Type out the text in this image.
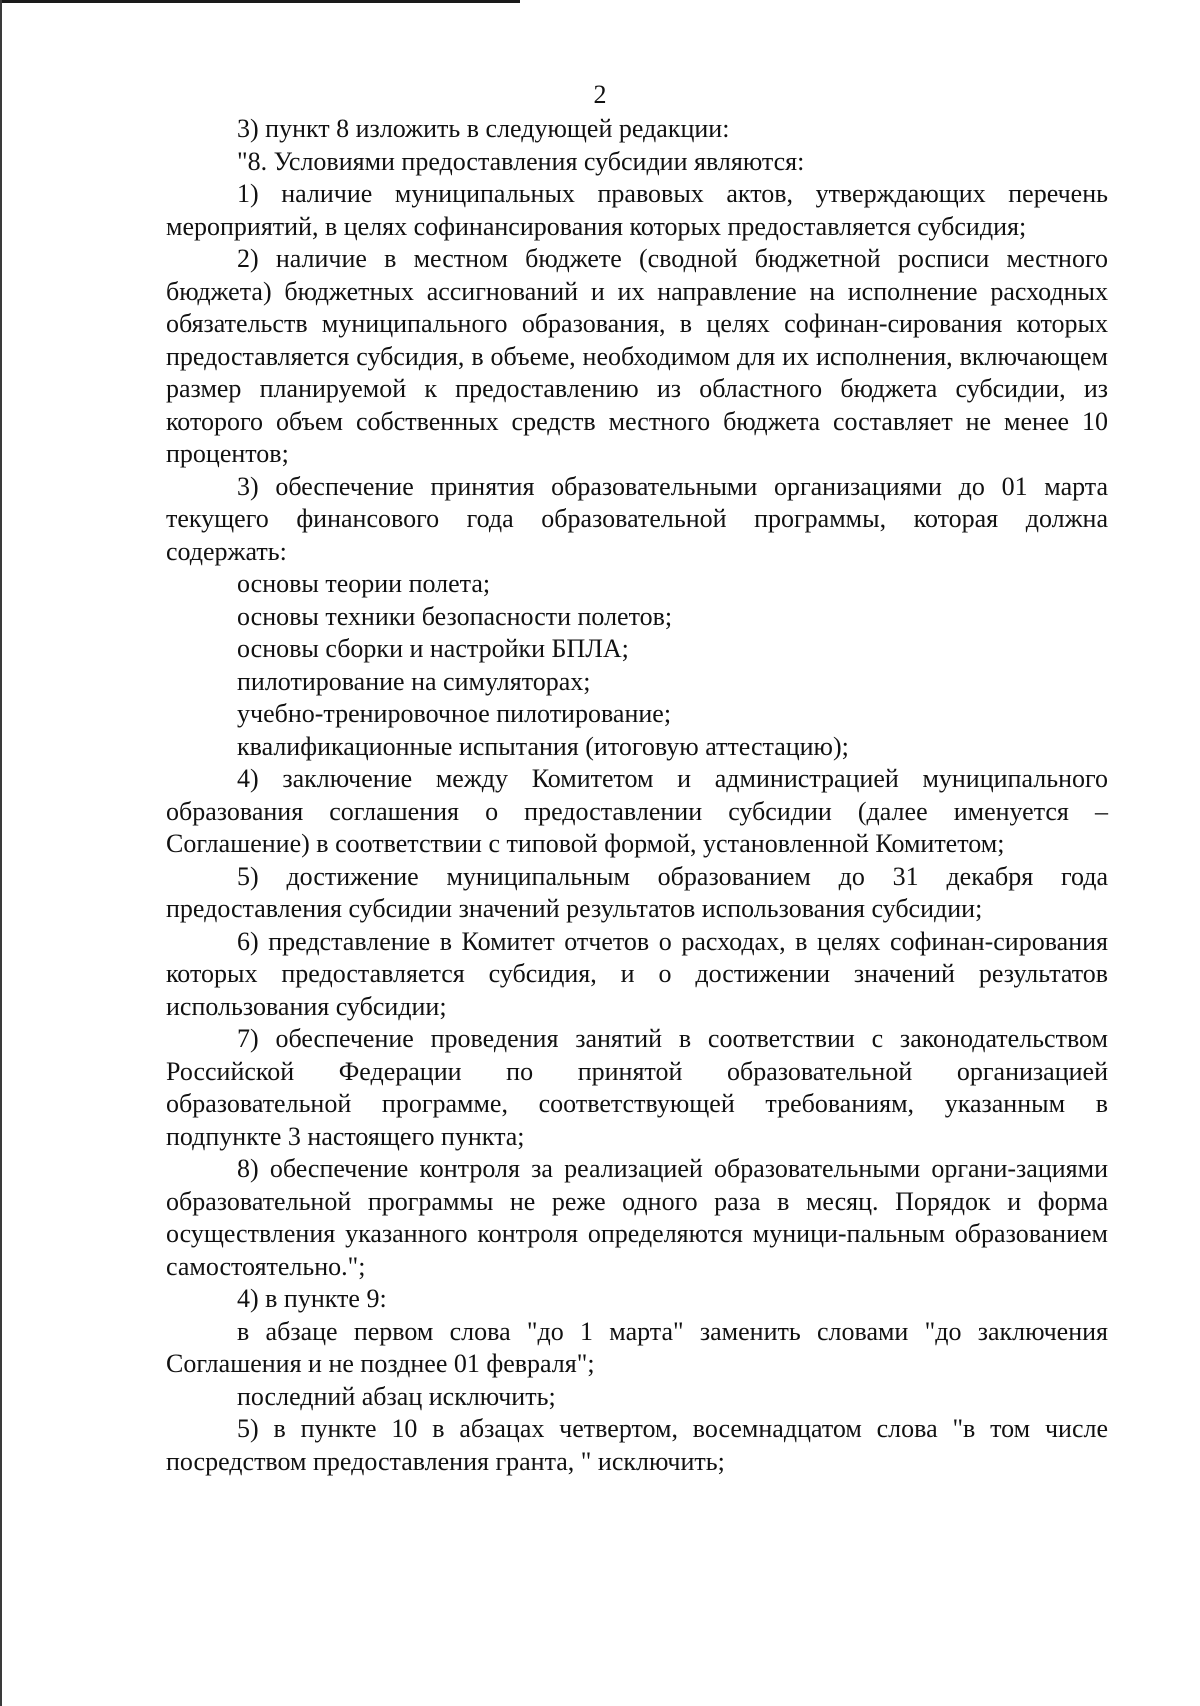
2

3) пункт 8 изложить в следующей редакции:

"8. Условиями предоставления субсидии являются:

1) наличие муниципальных правовых актов, утверждающих перечень мероприятий, в целях софинансирования которых предоставляется субсидия;

2) наличие в местном бюджете (сводной бюджетной росписи местного бюджета) бюджетных ассигнований и их направление на исполнение расходных обязательств муниципального образования, в целях софинан-сирования которых предоставляется субсидия, в объеме, необходимом для их исполнения, включающем размер планируемой к предоставлению из областного бюджета субсидии, из которого объем собственных средств местного бюджета составляет не менее 10 процентов;

3) обеспечение принятия образовательными организациями до 01 марта текущего финансового года образовательной программы, которая должна содержать:

основы теории полета;

основы техники безопасности полетов;

основы сборки и настройки БПЛА;

пилотирование на симуляторах;

учебно-тренировочное пилотирование;

квалификационные испытания (итоговую аттестацию);

4) заключение между Комитетом и администрацией муниципального образования соглашения о предоставлении субсидии (далее именуется – Соглашение) в соответствии с типовой формой, установленной Комитетом;

5) достижение муниципальным образованием до 31 декабря года предоставления субсидии значений результатов использования субсидии;

6) представление в Комитет отчетов о расходах, в целях софинан-сирования которых предоставляется субсидия, и о достижении значений результатов использования субсидии;

7) обеспечение проведения занятий в соответствии с законодательством Российской Федерации по принятой образовательной организацией образовательной программе, соответствующей требованиям, указанным в подпункте 3 настоящего пункта;

8) обеспечение контроля за реализацией образовательными органи-зациями образовательной программы не реже одного раза в месяц. Порядок и форма осуществления указанного контроля определяются муници-пальным образованием самостоятельно.";

4) в пункте 9:

в абзаце первом слова "до 1 марта" заменить словами "до заключения Соглашения и не позднее 01 февраля";

последний абзац исключить;

5) в пункте 10 в абзацах четвертом, восемнадцатом слова "в том числе посредством предоставления гранта, " исключить;
